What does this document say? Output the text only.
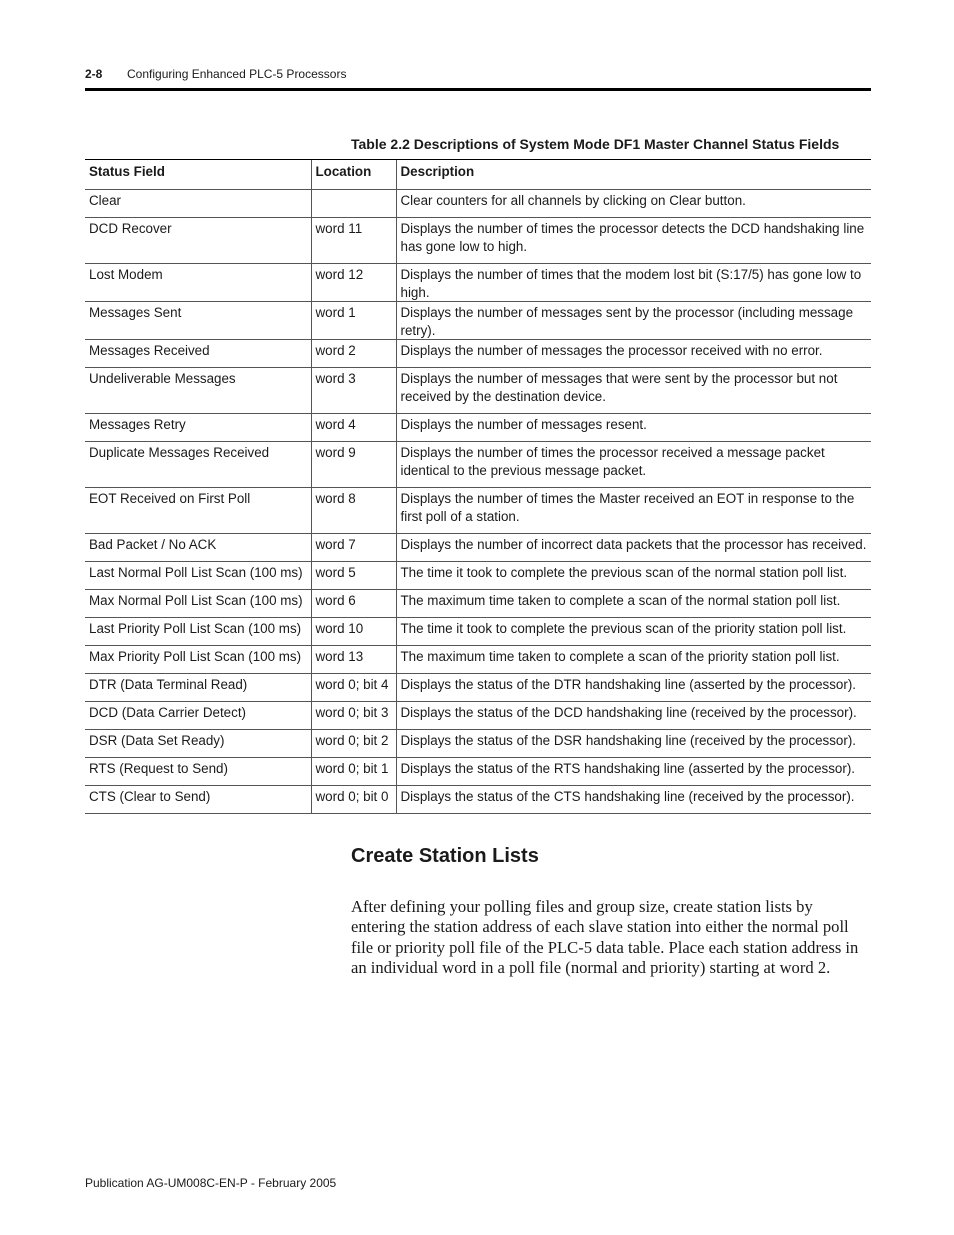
2-8 Configuring Enhanced PLC-5 Processors
Table 2.2 Descriptions of System Mode DF1 Master Channel Status Fields
Status Field	Location	Description
Clear		Clear counters for all channels by clicking on Clear button.
DCD Recover	word 11	Displays the number of times the processor detects the DCD handshaking line has gone low to high.
Lost Modem	word 12	Displays the number of times that the modem lost bit (S:17/5) has gone low to high.
Messages Sent	word 1	Displays the number of messages sent by the processor (including message retry).
Messages Received	word 2	Displays the number of messages the processor received with no error.
Undeliverable Messages	word 3	Displays the number of messages that were sent by the processor but not received by the destination device.
Messages Retry	word 4	Displays the number of messages resent.
Duplicate Messages Received	word 9	Displays the number of times the processor received a message packet identical to the previous message packet.
EOT Received on First Poll	word 8	Displays the number of times the Master received an EOT in response to the first poll of a station.
Bad Packet / No ACK	word 7	Displays the number of incorrect data packets that the processor has received.
Last Normal Poll List Scan (100 ms)	word 5	The time it took to complete the previous scan of the normal station poll list.
Max Normal Poll List Scan (100 ms)	word 6	The maximum time taken to complete a scan of the normal station poll list.
Last Priority Poll List Scan (100 ms)	word 10	The time it took to complete the previous scan of the priority station poll list.
Max Priority Poll List Scan (100 ms)	word 13	The maximum time taken to complete a scan of the priority station poll list.
DTR (Data Terminal Read)	word 0; bit 4	Displays the status of the DTR handshaking line (asserted by the processor).
DCD (Data Carrier Detect)	word 0; bit 3	Displays the status of the DCD handshaking line (received by the processor).
DSR (Data Set Ready)	word 0; bit 2	Displays the status of the DSR handshaking line (received by the processor).
RTS (Request to Send)	word 0; bit 1	Displays the status of the RTS handshaking line (asserted by the processor).
CTS (Clear to Send)	word 0; bit 0	Displays the status of the CTS handshaking line (received by the processor).
Create Station Lists

After defining your polling files and group size, create station lists by entering the station address of each slave station into either the normal poll file or priority poll file of the PLC-5 data table. Place each station address in an individual word in a poll file (normal and priority) starting at word 2.

Publication AG-UM008C-EN-P - February 2005
